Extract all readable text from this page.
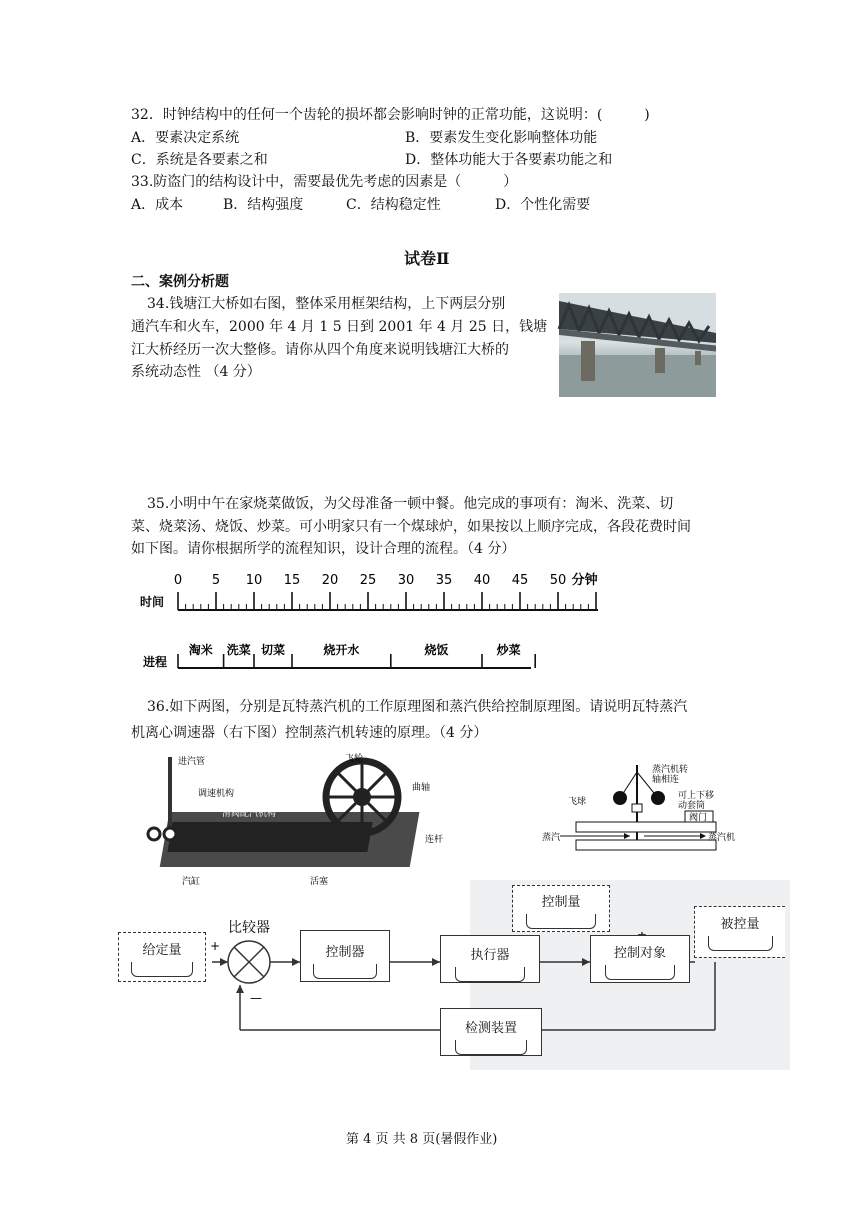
32．时钟结构中的任何一个齿轮的损坏都会影响时钟的正常功能，这说明：(　　　)
A．要素决定系统	B．要素发生变化影响整体功能
C．系统是各要素之和	D．整体功能大于各要素功能之和
33.防盗门的结构设计中，需要最优先考虑的因素是（　　　）
A．成本	B．结构强度	C．结构稳定性	D．个性化需要
试卷Ⅱ
二、案例分析题
34.钱塘江大桥如右图，整体采用框架结构，上下两层分别
通汽车和火车，2000 年 4 月 1 5 日到 2001 年 4 月 25 日，钱塘
江大桥经历一次大整修。请你从四个角度来说明钱塘江大桥的
系统动态性 （4 分）
35.小明中午在家烧菜做饭，为父母准备一顿中餐。他完成的事项有：淘米、洗菜、切
菜、烧菜汤、烧饭、炒菜。可小明家只有一个煤球炉，如果按以上顺序完成，各段花费时间
如下图。请你根据所学的流程知识，设计合理的流程。（4 分）
0 5 10 15 20 25 30 35 40 45 50 分钟
时间
进程
淘米 洗菜 切菜	烧开水	烧饭	炒菜
36.如下两图，分别是瓦特蒸汽机的工作原理图和蒸汽供给控制原理图。请说明瓦特蒸汽
机离心调速器（右下图）控制蒸汽机转速的原理。（4 分）
进汽管	飞轮
调速机构
曲轴
滑阀配汽机构
连杆
汽缸	活塞
蒸汽机转
轴相连
飞球
可上下移
动套筒
阀门
蒸汽	蒸汽机
比较器
+
—
给定量	控制器	执行器	控制对象
控制量
被控量
检测装置
第 4 页 共 8 页(暑假作业)
